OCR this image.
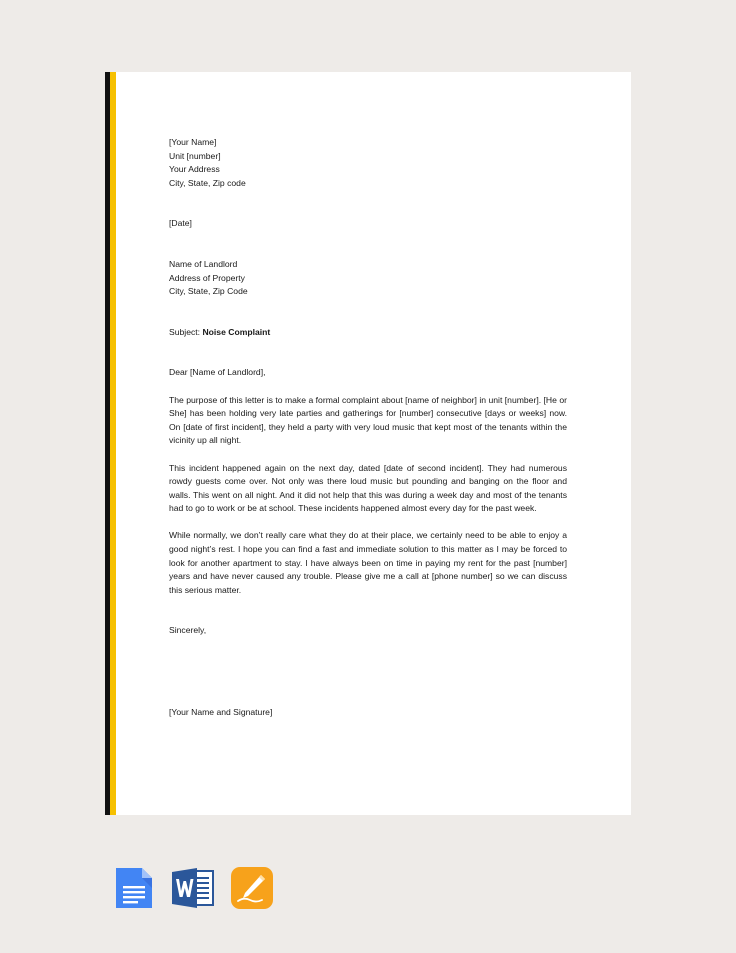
[Your Name]
Unit [number]
Your Address
City, State, Zip code
[Date]
Name of Landlord
Address of Property
City, State, Zip Code
Subject: Noise Complaint
Dear [Name of Landlord],

The purpose of this letter is to make a formal complaint about [name of neighbor] in unit [number]. [He or She] has been holding very late parties and gatherings for [number] consecutive [days or weeks] now. On [date of first incident], they held a party with very loud music that kept most of the tenants within the vicinity up all night.

This incident happened again on the next day, dated [date of second incident]. They had numerous rowdy guests come over. Not only was there loud music but pounding and banging on the floor and walls. This went on all night. And it did not help that this was during a week day and most of the tenants had to go to work or be at school. These incidents happened almost every day for the past week.

While normally, we don’t really care what they do at their place, we certainly need to be able to enjoy a good night’s rest. I hope you can find a fast and immediate solution to this matter as I may be forced to look for another apartment to stay. I have always been on time in paying my rent for the past [number] years and have never caused any trouble. Please give me a call at [phone number] so we can discuss this serious matter.

Sincerely,
[Your Name and Signature]
